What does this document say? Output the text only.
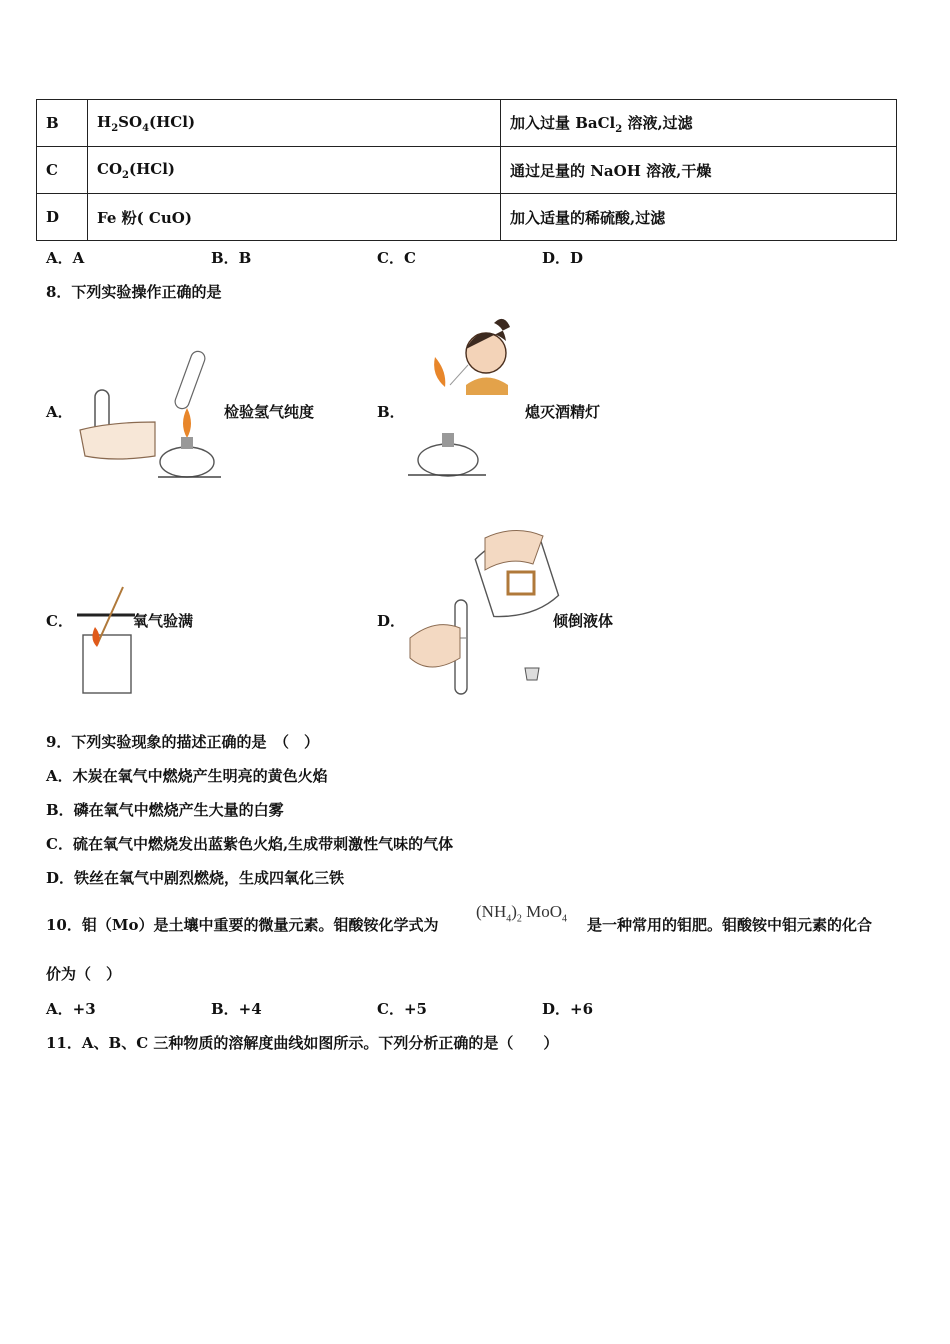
B	$H_2SO_4(HCl)$	加入过量 BaCl$_2$ 溶液,过滤
C	$CO_2(HCl)$	通过足量的 NaOH 溶液,干燥
D	Fe 粉( CuO)	加入适量的稀硫酸,过滤
A．A	B．B	C．C	D．D
8．下列实验操作正确的是
A．	检验氢气纯度	B．	熄灭酒精灯
C．	氧气验满	D．	倾倒液体
9．下列实验现象的描述正确的是　（　）
A．木炭在氧气中燃烧产生明亮的黄色火焰
B．磷在氧气中燃烧产生大量的白雾
C．硫在氧气中燃烧发出蓝紫色火焰,生成带刺激性气味的气体
D．铁丝在氧气中剧烈燃烧，生成四氧化三铁
10．钼（Mo）是土壤中重要的微量元素。钼酸铵化学式为
$(NH_4)_2$ MoO$_4$ 是一种常用的钼肥。钼酸铵中钼元素的化合
价为（　）
A．+3	B．+4	C．+5	D．+6
11．A、B、C 三种物质的溶解度曲线如图所示。下列分析正确的是（　　）
